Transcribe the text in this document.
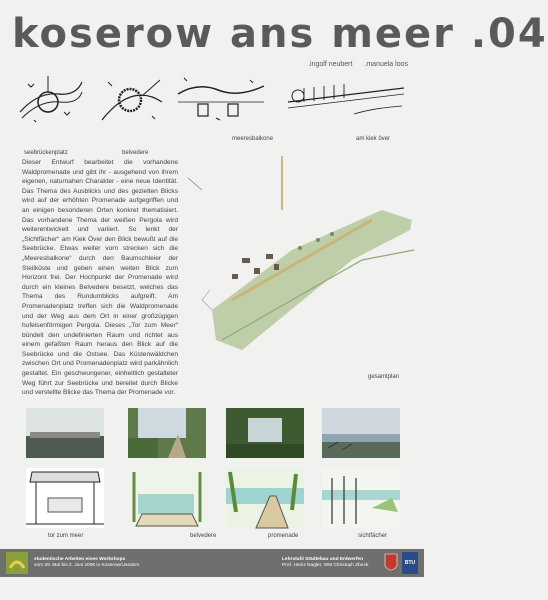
koserow ans meer .04
.ingolf neubert .manuela loos
seebrückenplatz	belvedere
meeresbalkone	am kiek över

Dieser Entwurf bearbeitet die vorhandene Waldpromenade und gibt ihr - ausgehend von ihrem eigenen, naturnahen Charakter - eine neue Identität. Das Thema des Ausblicks und des gezielten Blicks wird auf der erhöhten Promenade aufgegriffen und an einigen besonderen Orten konkret thematisiert. Das vorhandene Thema der weißen Pergola wird weiterentwickelt und variiert. So lenkt der „Sichtfächer“ am Kiek Över den Blick bewußt auf die Seebrücke. Etwas weiter vorn strecken sich die „Meeresbalkone“ durch den Baumschleier der Steilküste und geben einen weiten Blick zum Horizont frei. Der Hochpunkt der Promenade wird durch ein kleines Belvedere besetzt, welches das Thema des Rundumblicks aufgreift. Am Promenadenplatz treffen sich die Waldpromenade und der Weg aus dem Ort in einer großzügigen hufeisenförmigen Pergola. Dieses „Tor zum Meer“ bündelt den undefinierten Raum und richtet aus einem gefaßten Raum heraus den Blick auf die Seebrücke und die Ostsee. Das Küstenwäldchen zwischen Ort und Promenadenplatz wird parkähnlich gestaltet. Ein geschwungener, einheitlich gestalteter Weg führt zur Seebrücke und bereitet durch Blicke und verstellte Blicke das Thema der Promenade vor.

gesamtplan
tor zum meer	belvedere	promenade	sichtfächer
studentische Arbeiten eines Workshops
vom 28. Mai bis 2. Juni 2006 in Koserow/Usedom
Lehrstuhl Städtebau und Entwerfen
Prof. Heinz Nagler, WM Christoph Zbeck	BTU
